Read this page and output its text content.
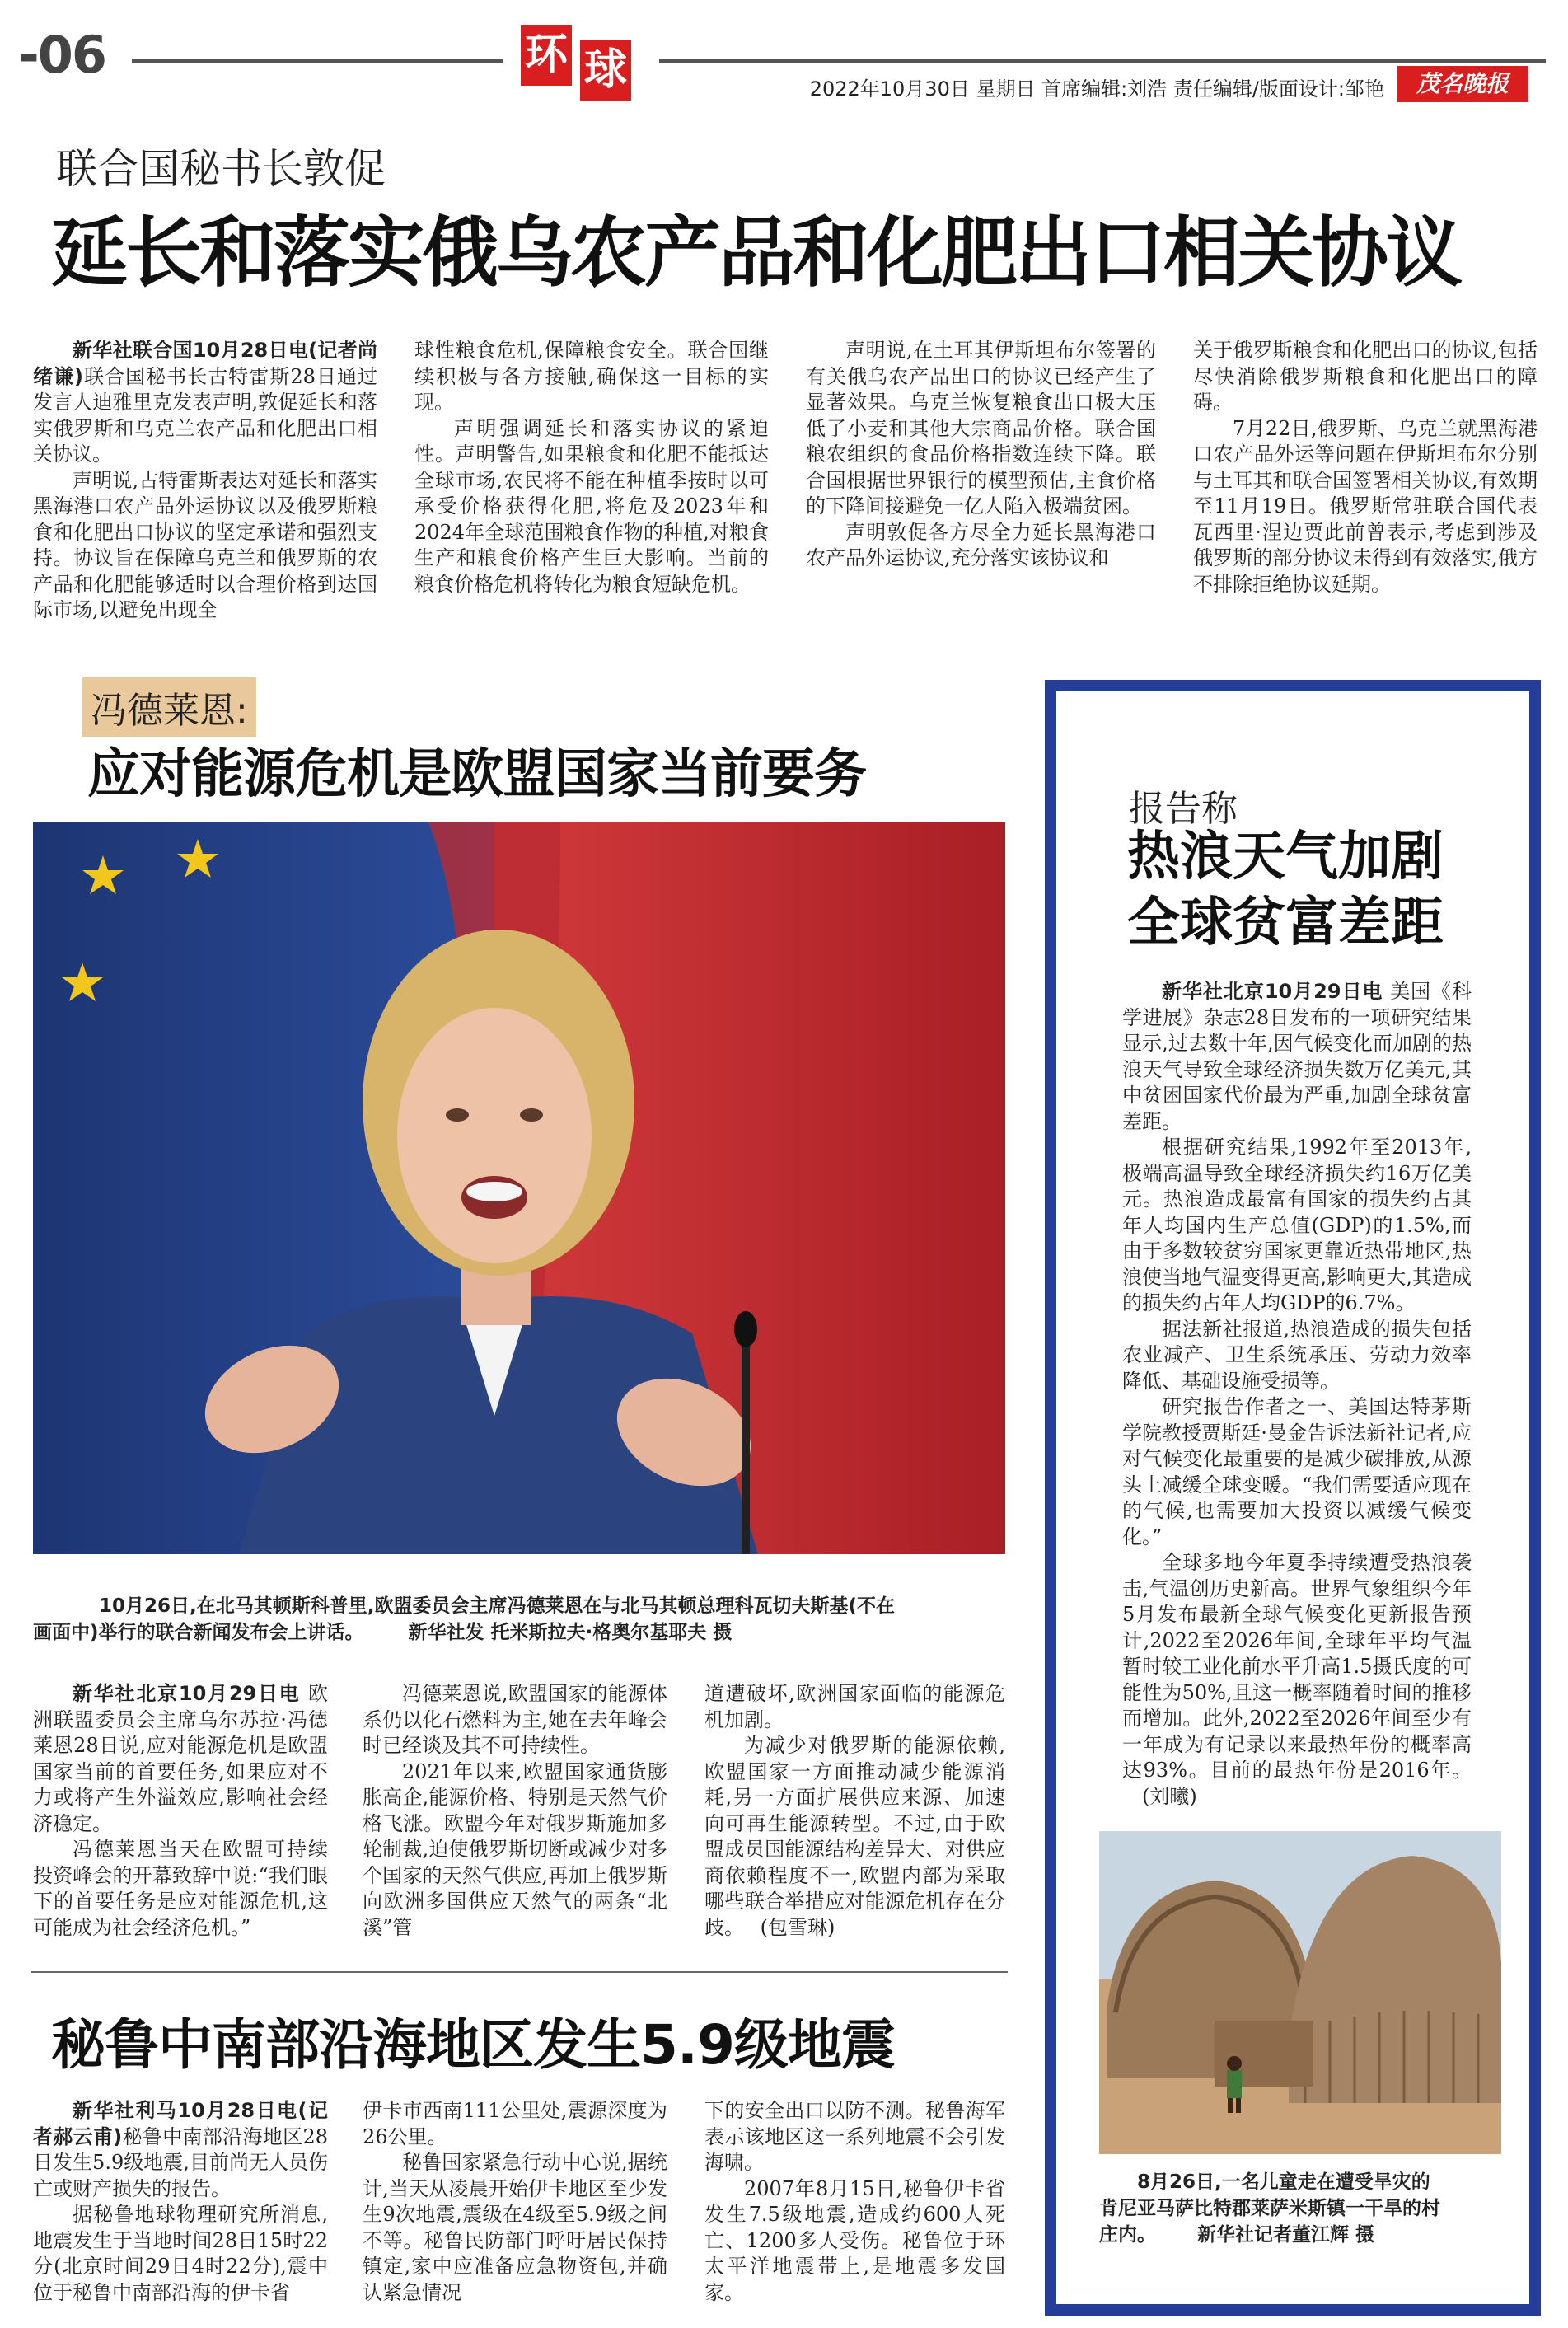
-06	环 球	2022年10月30日 星期日 首席编辑:刘浩 责任编辑/版面设计:邹艳	茂名晚报
联合国秘书长敦促
延长和落实俄乌农产品和化肥出口相关协议

新华社联合国10月28日电(记者尚绪谦)联合国秘书长古特雷斯28日通过发言人迪雅里克发表声明,敦促延长和落实俄罗斯和乌克兰农产品和化肥出口相关协议。

声明说,古特雷斯表达对延长和落实黑海港口农产品外运协议以及俄罗斯粮食和化肥出口协议的坚定承诺和强烈支持。协议旨在保障乌克兰和俄罗斯的农产品和化肥能够适时以合理价格到达国际市场,以避免出现全

球性粮食危机,保障粮食安全。联合国继续积极与各方接触,确保这一目标的实现。

声明强调延长和落实协议的紧迫性。声明警告,如果粮食和化肥不能抵达全球市场,农民将不能在种植季按时以可承受价格获得化肥,将危及2023年和2024年全球范围粮食作物的种植,对粮食生产和粮食价格产生巨大影响。当前的粮食价格危机将转化为粮食短缺危机。

声明说,在土耳其伊斯坦布尔签署的有关俄乌农产品出口的协议已经产生了显著效果。乌克兰恢复粮食出口极大压低了小麦和其他大宗商品价格。联合国粮农组织的食品价格指数连续下降。联合国根据世界银行的模型预估,主食价格的下降间接避免一亿人陷入极端贫困。

声明敦促各方尽全力延长黑海港口农产品外运协议,充分落实该协议和

关于俄罗斯粮食和化肥出口的协议,包括尽快消除俄罗斯粮食和化肥出口的障碍。

7月22日,俄罗斯、乌克兰就黑海港口农产品外运等问题在伊斯坦布尔分别与土耳其和联合国签署相关协议,有效期至11月19日。俄罗斯常驻联合国代表瓦西里·涅边贾此前曾表示,考虑到涉及俄罗斯的部分协议未得到有效落实,俄方不排除拒绝协议延期。

冯德莱恩:
应对能源危机是欧盟国家当前要务
10月26日,在北马其顿斯科普里,欧盟委员会主席冯德莱恩在与北马其顿总理科瓦切夫斯基(不在
画面中)举行的联合新闻发布会上讲话。 新华社发 托米斯拉夫·格奥尔基耶夫 摄

新华社北京10月29日电 欧洲联盟委员会主席乌尔苏拉·冯德莱恩28日说,应对能源危机是欧盟国家当前的首要任务,如果应对不力或将产生外溢效应,影响社会经济稳定。

冯德莱恩当天在欧盟可持续投资峰会的开幕致辞中说:“我们眼下的首要任务是应对能源危机,这可能成为社会经济危机。”

冯德莱恩说,欧盟国家的能源体系仍以化石燃料为主,她在去年峰会时已经谈及其不可持续性。

2021年以来,欧盟国家通货膨胀高企,能源价格、特别是天然气价格飞涨。欧盟今年对俄罗斯施加多轮制裁,迫使俄罗斯切断或减少对多个国家的天然气供应,再加上俄罗斯向欧洲多国供应天然气的两条“北溪”管

道遭破坏,欧洲国家面临的能源危机加剧。

为减少对俄罗斯的能源依赖,欧盟国家一方面推动减少能源消耗,另一方面扩展供应来源、加速向可再生能源转型。不过,由于欧盟成员国能源结构差异大、对供应商依赖程度不一,欧盟内部为采取哪些联合举措应对能源危机存在分歧。 (包雪琳)

秘鲁中南部沿海地区发生5.9级地震

新华社利马10月28日电(记者郝云甫)秘鲁中南部沿海地区28日发生5.9级地震,目前尚无人员伤亡或财产损失的报告。

据秘鲁地球物理研究所消息,地震发生于当地时间28日15时22分(北京时间29日4时22分),震中位于秘鲁中南部沿海的伊卡省

伊卡市西南111公里处,震源深度为26公里。

秘鲁国家紧急行动中心说,据统计,当天从凌晨开始伊卡地区至少发生9次地震,震级在4级至5.9级之间不等。秘鲁民防部门呼吁居民保持镇定,家中应准备应急物资包,并确认紧急情况

下的安全出口以防不测。秘鲁海军表示该地区这一系列地震不会引发海啸。

2007年8月15日,秘鲁伊卡省发生7.5级地震,造成约600人死亡、1200多人受伤。秘鲁位于环太平洋地震带上,是地震多发国家。

报告称
热浪天气加剧
全球贫富差距

新华社北京10月29日电 美国《科学进展》杂志28日发布的一项研究结果显示,过去数十年,因气候变化而加剧的热浪天气导致全球经济损失数万亿美元,其中贫困国家代价最为严重,加剧全球贫富差距。

根据研究结果,1992年至2013年,极端高温导致全球经济损失约16万亿美元。热浪造成最富有国家的损失约占其年人均国内生产总值(GDP)的1.5%,而由于多数较贫穷国家更靠近热带地区,热浪使当地气温变得更高,影响更大,其造成的损失约占年人均GDP的6.7%。

据法新社报道,热浪造成的损失包括农业减产、卫生系统承压、劳动力效率降低、基础设施受损等。

研究报告作者之一、美国达特茅斯学院教授贾斯廷·曼金告诉法新社记者,应对气候变化最重要的是减少碳排放,从源头上减缓全球变暖。“我们需要适应现在的气候,也需要加大投资以减缓气候变化。”

全球多地今年夏季持续遭受热浪袭击,气温创历史新高。世界气象组织今年5月发布最新全球气候变化更新报告预计,2022至2026年间,全球年平均气温暂时较工业化前水平升高1.5摄氏度的可能性为50%,且这一概率随着时间的推移而增加。此外,2022至2026年间至少有一年成为有记录以来最热年份的概率高达93%。目前的最热年份是2016年。(刘曦)

8月26日,一名儿童走在遭受旱灾的
肯尼亚马萨比特郡莱萨米斯镇一干旱的村
庄内。 新华社记者董江辉 摄
